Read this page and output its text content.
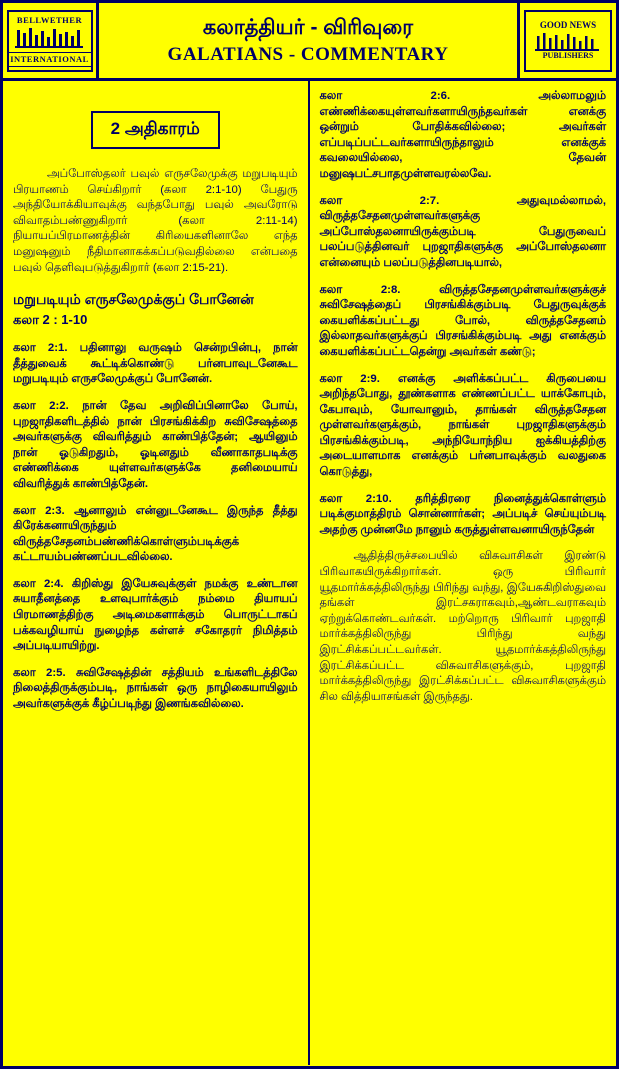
BELLWETHER
INTERNATIONAL
கலாத்தியர் - விரிவுரை
GALATIANS - COMMENTARY
GOOD NEWS
PUBLISHERS
2 அதிகாரம்

அப்போஸ்தலர் பவுல் எருசலேமுக்கு மறுபடியும் பிரயாணம் செய்கிறார் (கலா 2:1-10) பேதுரு அந்தியோக்கியாவுக்கு வந்தபோது பவுல் அவரோடு விவாதம்பண்ணுகிறார் (கலா 2:11-14) நியாயப்பிரமாணத்தின் கிரியைகளினாலே எந்த மனுஷனும் நீதிமானாகக்கப்படுவதில்லை என்பதை பவுல் தெளிவுபடுத்துகிறார் (கலா 2:15-21).

மறுபடியும் எருசலேமுக்குப் போனேன்
கலா 2 : 1-10

கலா 2:1. பதினாலு வருஷம் சென்றபின்பு, நான் தீத்துவைக் கூட்டிக்கொண்டு பர்னபாவுடனேகூட மறுபடியும் எருசலேமுக்குப் போனேன்.

கலா 2:2. நான் தேவ அறிவிப்பினாலே போய், புறஜாதிகளிடத்தில் நான் பிரசங்கிக்கிற சுவிசேஷத்தை அவர்களுக்கு விவரித்தும் காண்பித்தேன்; ஆயினும் நான் ஓடுகிறதும், ஓடினதும் வீணாகாதபடிக்கு எண்ணிக்கை யுள்ளவர்களுக்கே தனிமையாய் விவரித்துக் காண்பித்தேன்.

கலா 2:3. ஆனாலும் என்னுடனேகூட இருந்த தீத்து கிரேக்கனாயிருந்தும் விருத்தசேதனம்பண்ணிக்கொள்ளும்படிக்குக் கட்டாயம்பண்ணப்படவில்லை.

கலா 2:4. கிறிஸ்து இயேசுவுக்குள் நமக்கு உண்டான சுயாதீனத்தை உளவுபார்க்கும் நம்மை தியாயப் பிரமாணத்திற்கு அடிமைகளாக்கும் பொருட்டாகப் பக்கவழியாய் நுழைந்த கள்ளச் சகோதரர் நிமித்தம் அப்படியாயிற்று.

கலா 2:5. சுவிசேஷத்தின் சத்தியம் உங்களிடத்திலே நிலைத்திருக்கும்படி, நாங்கள் ஒரு நாழிகையாயிலும் அவர்களுக்குக் கீழ்ப்படிந்து இணங்கவில்லை.

கலா 2:6. அல்லாமலும் எண்ணிக்கையுள்ளவர்களாயிருந்தவர்கள் எனக்கு ஒன்றும் போதிக்கவில்லை; அவர்கள் எப்படிப்பட்டவர்களாயிருந்தாலும் எனக்குக் கவலையில்லை, தேவன் மனுஷபட்சபாதமுள்ளவரல்லவே.

கலா 2:7. அதுவுமல்லாமல், விருத்தசேதனமுள்ளவர்களுக்கு அப்போஸ்தலனாயிருக்கும்படி பேதுருவைப் பலப்படுத்தினவர் புறஜாதிகளுக்கு அப்போஸ்தலனா என்னையும் பலப்படுத்தினபடியால்,

கலா 2:8. விருத்தசேதனமுள்ளவர்களுக்குச் சுவிசேஷத்தைப் பிரசங்கிக்கும்படி பேதுருவுக்குக் கையளிக்கப்பட்டது போல், விருத்தசேதனம் இல்லாதவர்களுக்குப் பிரசங்கிக்கும்படி அது எனக்கும் கையளிக்கப்பட்டதென்று அவர்கள் கண்டு;

கலா 2:9. எனக்கு அளிக்கப்பட்ட கிருபையை அறிந்தபோது, தூண்களாக எண்ணப்பட்ட யாக்கோபும், கேபாவும், யோவானும், தாங்கள் விருத்தசேதன முள்ளவர்களுக்கும், நாங்கள் புறஜாதிகளுக்கும் பிரசங்கிக்கும்படி, அந்நியோந்நிய ஐக்கியத்திற்கு அடையாளமாக எனக்கும் பர்னபாவுக்கும் வலதுகை கொடுத்து,

கலா 2:10. தரித்திரரை நினைத்துக்கொள்ளும் படிக்குமாத்திரம் சொன்னார்கள்; அப்படிச் செய்யும்படி அதற்கு முன்னமே நானும் கருத்துள்ளவனாயிருந்தேன்

ஆதித்திருச்சபையில் விசுவாசிகள் இரண்டு பிரிவாகயிருக்கிறார்கள். ஒரு பிரிவார் யூதமார்க்கத்திலிருந்து பிரிந்து வந்து, இயேசுகிறிஸ்துவை தங்கள் இரட்சகராகவும்,ஆண்டவராகவும் ஏற்றுக்கொண்டவர்கள். மற்றொரு பிரிவார் புறஜாதி மார்க்கத்திலிருந்து பிரிந்து வந்து இரட்சிக்கப்பட்டவர்கள். யூதமார்க்கத்திலிருந்து இரட்சிக்கப்பட்ட விசுவாசிகளுக்கும், புறஜாதி மார்க்கத்திலிருந்து இரட்சிக்கப்பட்ட விசுவாசிகளுக்கும் சில வித்தியாசங்கள் இருந்தது.
